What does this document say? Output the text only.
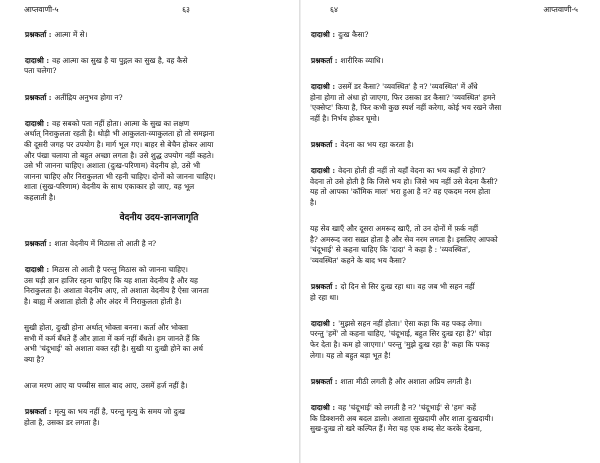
आप्तवाणी-५	६३

प्रश्नकर्ता : आत्मा में से।

दादाश्री : वह आत्मा का सुख है या पुद्गल का सुख है, वह कैसे
पता चलेगा?

प्रश्नकर्ता : अतींद्रिय अनुभव होगा न?

दादाश्री : वह सबको पता नहीं होता। आत्मा के सुख का लक्षण
अर्थात् निराकुलता रहती है। थोड़ी भी आकुलता-व्याकुलता हो तो समझना
की दूसरी जगह पर उपयोग है। मार्ग भूल गए। बाहर से बेचैन होकर आया
और पंखा चलाया तो बहुत अच्छा लगता है। उसे शुद्ध उपयोग नहीं कहते।
उसे भी जानना चाहिए। अशाता (दुःख-परिणाम) वेदनीय हो, उसे भी
जानना चाहिए और निराकुलता भी रहनी चाहिए। दोनों को जानना चाहिए।
शाता (सुख-परिणाम) वेदनीय के साथ एकाकार हो जाए, वह भूल
कहलाती है।

वेदनीय उदय-ज्ञानजागृति

प्रश्नकर्ता : शाता वेदनीय में मिठास तो आती है न?

दादाश्री : मिठास तो आती है परन्तु मिठास को जानना चाहिए।
उस घड़ी ज्ञान हाजिर रहना चाहिए कि यह शाता वेदनीय है और यह
निराकुलता है। अशाता वेदनीय आए, तो अशाता वेदनीय है ऐसा जानता
है। बाह्य में अशाता होती है और अंदर में निराकुलता होती है।

सुखी होता, दुःखी होना अर्थात् भोक्ता बनना। कर्ता और भोक्ता
सभी में कर्म बँधते हैं और ज्ञाता में कर्म नहीं बँधते। हम जानते हैं कि
अभी 'चंदूभाई' को अशाता वक्त रही है। सुखी या दुःखी होने का अर्थ
क्या है?

आज मरण आए या पच्चीस साल बाद आए, उसमें हर्ज नहीं है।

प्रश्नकर्ता : मृत्यु का भय नहीं है, परन्तु मृत्यु के समय जो दुःख
होता है, उसका डर लगता है।

६४	आप्तवाणी-५

दादाश्री : दुःख कैसा?

प्रश्नकर्ता : शारीरिक व्याधि।

दादाश्री : उसमें डर कैसा? 'व्यवस्थित' है न? 'व्यवस्थित' में अँधे
होना होगा तो अंधा हो जाएगा, फिर उसका डर कैसा? 'व्यवस्थित' हमने
'एक्सेप्ट' किया है, फिर कभी कुछ स्पर्श नहीं करेगा, कोई भय रखने जैसा
नहीं है। निर्भय होकर घूमो।

प्रश्नकर्ता : वेदना का भय रहा करता है।

दादाश्री : वेदना होती ही नहीं तो यहाँ वेदना का भय कहाँ से होगा?
वेदना तो उसे होती है कि जिसे भय हो। जिसे भय नहीं उसे वेदना कैसी?
यह तो आपका 'कॉमिक माल' भरा हुआ है न? वह एकदम नरम होता
है।

यह सेव खाएँ और दूसरा अमरूद खाएँ, तो उन दोनों में फ़र्क नहीं
है? अमरूद जरा सख़्त होता है और सेव नरम लगता है। इसलिए आपको
'चंदूभाई' से कहना चाहिए कि 'दादा' ने कहा है : 'व्यवस्थित',
'व्यवस्थित' कहने के बाद भय कैसा?

प्रश्नकर्ता : दो दिन से सिर दुःख रहा था। वह जब भी सहन नहीं
हो रहा था।

दादाश्री : 'मुझसे सहन नहीं होता।' ऐसा कहा कि वह पकड़ लेगा।
परन्तु 'हमें' तो कहना चाहिए, 'चंदूभाई, बहुत सिर दुःख रहा है?' थोड़ा
फेर देता है। कम हो जाएगा।' परन्तु 'मुझे दुःख रहा है' कहा कि पकड़
लेगा। यह तो बहुत बड़ा भूत है!

प्रश्नकर्ता : शाता मीठी लगती है और अशाता अप्रिय लगती है।

दादाश्री : वह 'चंदूभाई' को लगती है न? 'चंदूभाई' से 'हम' कहें
कि डिक्शनरी अब बदल डालो। अशाता सुखदायी और शाता दुःखदायी।
सुख-दुःख तो खरे कल्पित हैं। मेरा यह एक शब्द सेट करके देखना,
